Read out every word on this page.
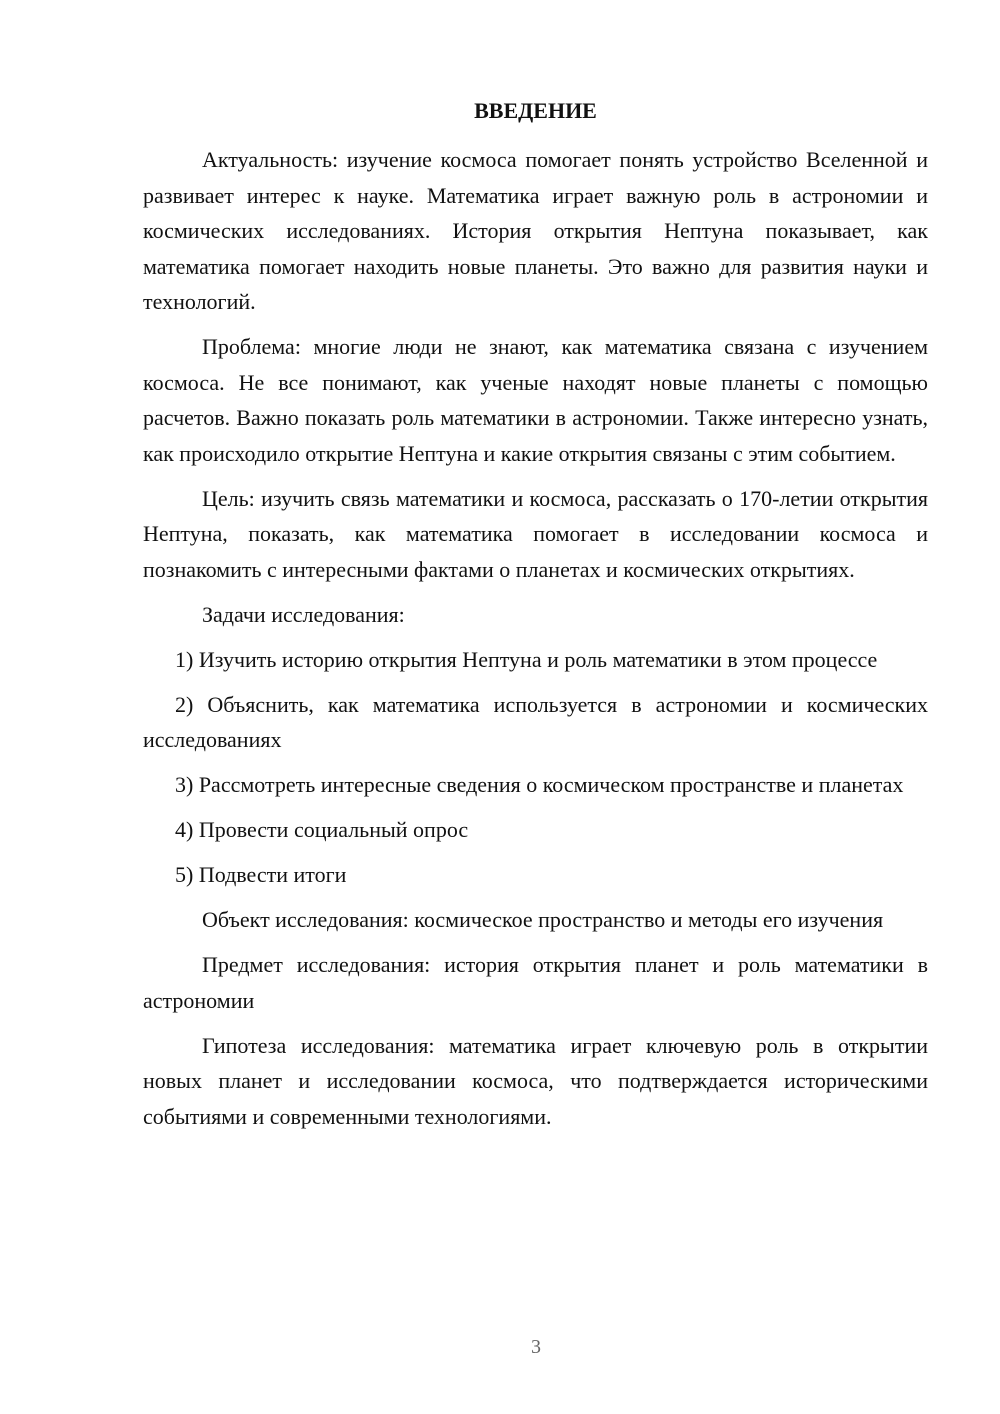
ВВЕДЕНИЕ

Актуальность: изучение космоса помогает понять устройство Вселенной и развивает интерес к науке. Математика играет важную роль в астрономии и космических исследованиях. История открытия Нептуна показывает, как математика помогает находить новые планеты. Это важно для развития науки и технологий.

Проблема: многие люди не знают, как математика связана с изучением космоса. Не все понимают, как ученые находят новые планеты с помощью расчетов. Важно показать роль математики в астрономии. Также интересно узнать, как происходило открытие Нептуна и какие открытия связаны с этим событием.

Цель: изучить связь математики и космоса, рассказать о 170-летии открытия Нептуна, показать, как математика помогает в исследовании космоса и познакомить с интересными фактами о планетах и космических открытиях.

Задачи исследования:

1) Изучить историю открытия Нептуна и роль математики в этом процессе

2) Объяснить, как математика используется в астрономии и космических исследованиях

3) Рассмотреть интересные сведения о космическом пространстве и планетах

4) Провести социальный опрос

5) Подвести итоги

Объект исследования: космическое пространство и методы его изучения

Предмет исследования: история открытия планет и роль математики в астрономии

Гипотеза исследования: математика играет ключевую роль в открытии новых планет и исследовании космоса, что подтверждается историческими событиями и современными технологиями.

3
